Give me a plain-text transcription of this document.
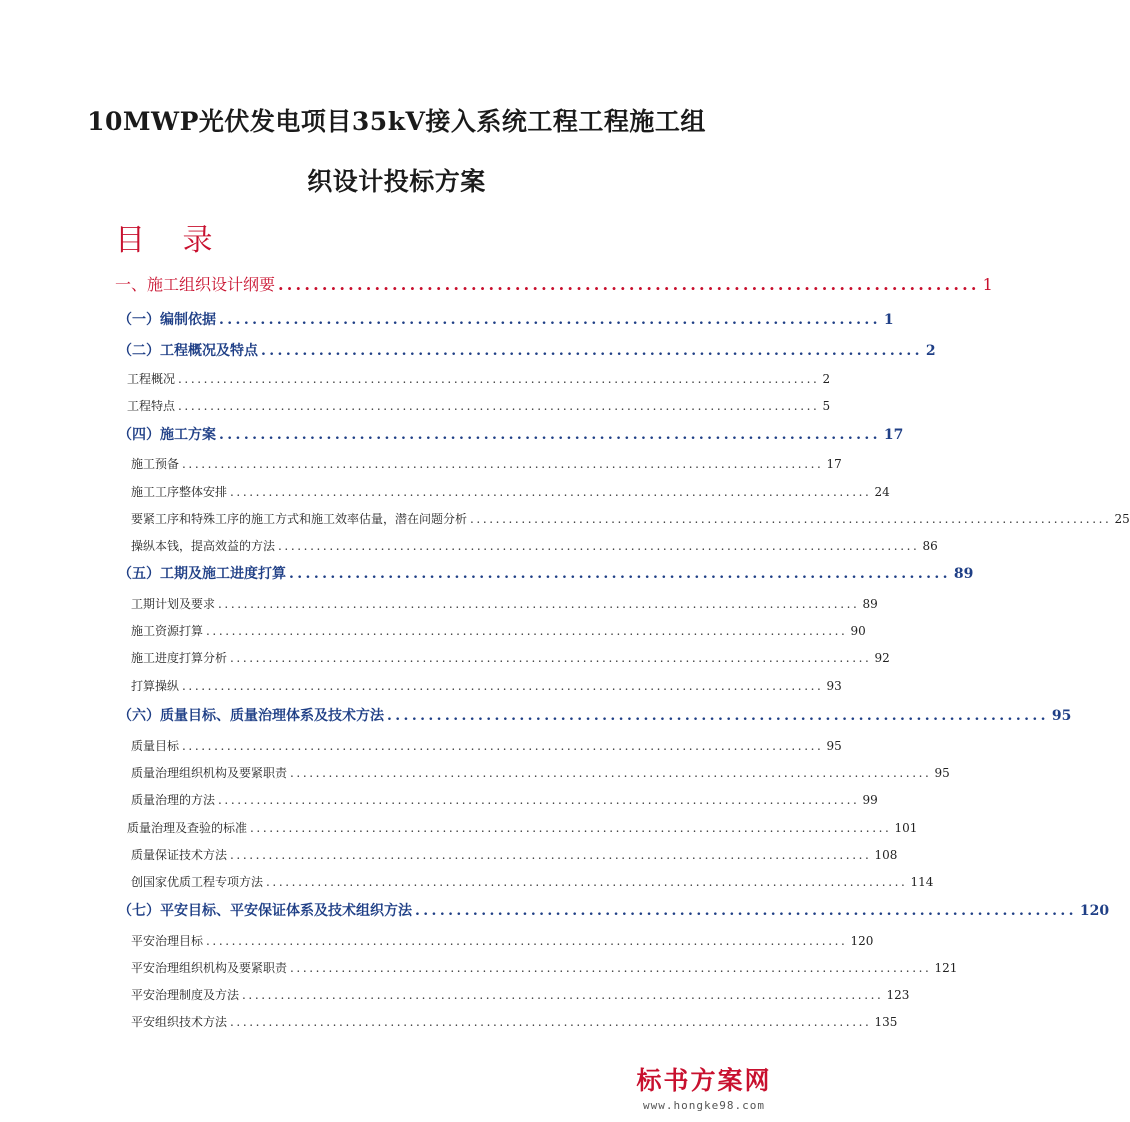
10MWP光伏发电项目35kV接入系统工程工程施工组
织设计投标方案
目 录
一、施工组织设计纲要 ................................................................................ 1
（一）编制依据 ................................................................................ 1
（二）工程概况及特点 ................................................................................ 2
工程概况 .................................................................................................... 2
工程特点 .................................................................................................... 5
（四）施工方案 ................................................................................ 17
施工预备 .................................................................................................... 17
施工工序整体安排 .................................................................................................... 24
要紧工序和特殊工序的施工方式和施工效率估量，潜在问题分析 .................................................................................................... 25
操纵本钱，提高效益的方法 .................................................................................................... 86
（五）工期及施工进度打算 ................................................................................ 89
工期计划及要求 .................................................................................................... 89
施工资源打算 .................................................................................................... 90
施工进度打算分析 .................................................................................................... 92
打算操纵 .................................................................................................... 93
（六）质量目标、质量治理体系及技术方法 ................................................................................ 95
质量目标 .................................................................................................... 95
质量治理组织机构及要紧职责 .................................................................................................... 95
质量治理的方法 .................................................................................................... 99
质量治理及查验的标准 .................................................................................................... 101
质量保证技术方法 .................................................................................................... 108
创国家优质工程专项方法 .................................................................................................... 114
（七）平安目标、平安保证体系及技术组织方法 ................................................................................ 120
平安治理目标 .................................................................................................... 120
平安治理组织机构及要紧职责 .................................................................................................... 121
平安治理制度及方法 .................................................................................................... 123
平安组织技术方法 .................................................................................................... 135
标书方案网
www.hongke98.com
